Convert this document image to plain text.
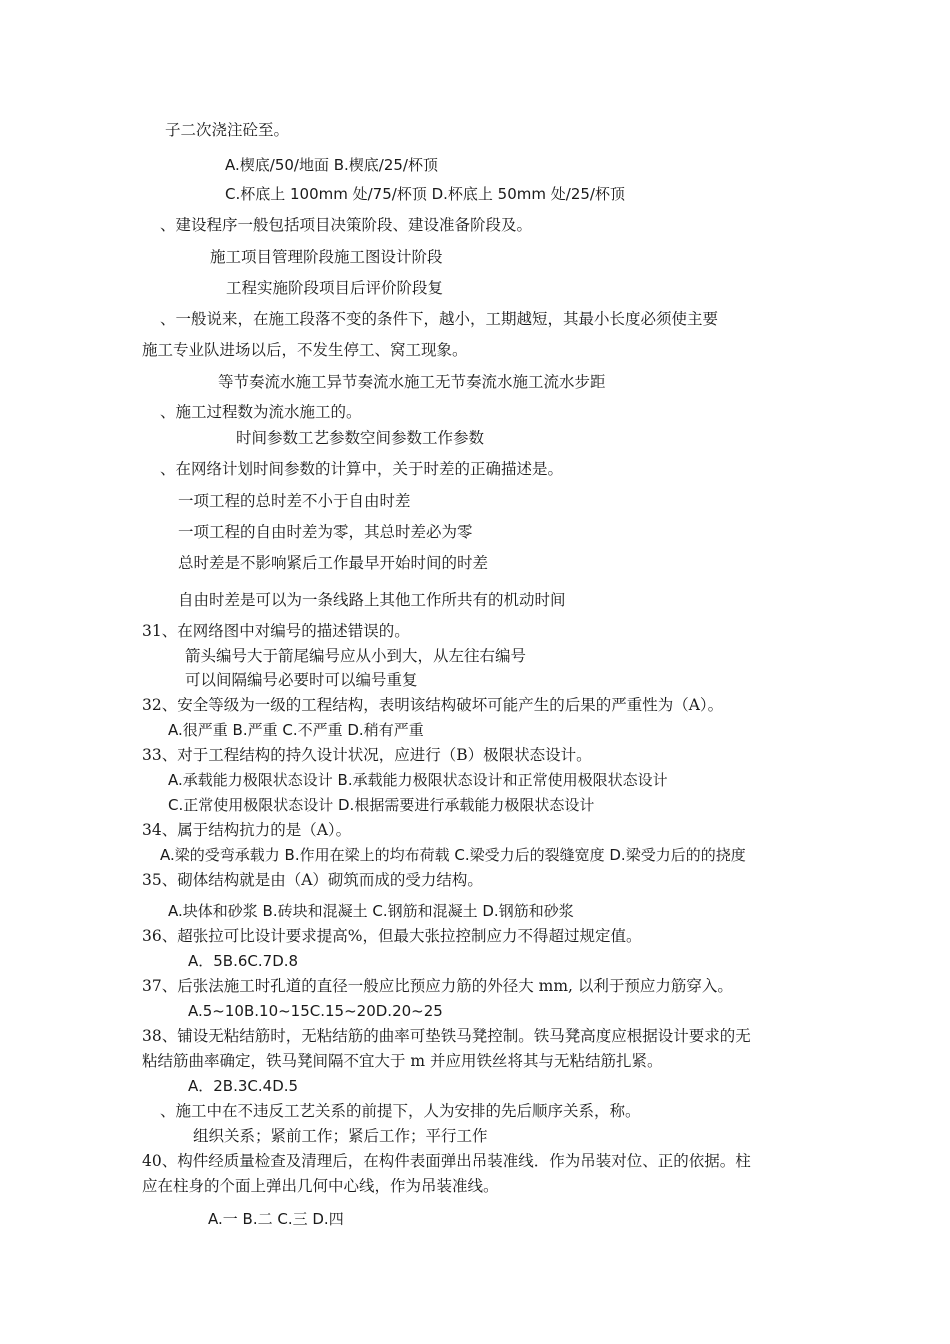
子二次浇注砼至。
A.楔底/50/地面 B.楔底/25/杯顶
C.杯底上 100mm 处/75/杯顶 D.杯底上 50mm 处/25/杯顶
、建设程序一般包括项目决策阶段、建设准备阶段及。
施工项目管理阶段施工图设计阶段
工程实施阶段项目后评价阶段复
、一般说来，在施工段落不变的条件下，越小，工期越短，其最小长度必须使主要
施工专业队进场以后，不发生停工、窝工现象。
等节奏流水施工异节奏流水施工无节奏流水施工流水步距
、施工过程数为流水施工的。
时间参数工艺参数空间参数工作参数
、在网络计划时间参数的计算中，关于时差的正确描述是。
一项工程的总时差不小于自由时差
一项工程的自由时差为零，其总时差必为零
总时差是不影响紧后工作最早开始时间的时差
自由时差是可以为一条线路上其他工作所共有的机动时间
31、在网络图中对编号的描述错误的。
箭头编号大于箭尾编号应从小到大，从左往右编号
可以间隔编号必要时可以编号重复
32、安全等级为一级的工程结构，表明该结构破坏可能产生的后果的严重性为（A）。
A.很严重 B.严重 C.不严重 D.稍有严重
33、对于工程结构的持久设计状况，应进行（B）极限状态设计。
A.承载能力极限状态设计 B.承载能力极限状态设计和正常使用极限状态设计
C.正常使用极限状态设计 D.根据需要进行承载能力极限状态设计
34、属于结构抗力的是（A）。
A.梁的受弯承载力 B.作用在梁上的均布荷载 C.梁受力后的裂缝宽度 D.梁受力后的的挠度
35、砌体结构就是由（A）砌筑而成的受力结构。
A.块体和砂浆 B.砖块和混凝土 C.钢筋和混凝土 D.钢筋和砂浆
36、超张拉可比设计要求提高%，但最大张拉控制应力不得超过规定值。
A．5B.6C.7D.8
37、后张法施工时孔道的直径一般应比预应力筋的外径大 mm, 以利于预应力筋穿入。
A.5~10B.10~15C.15~20D.20~25
38、铺设无粘结筋时，无粘结筋的曲率可垫铁马凳控制。铁马凳高度应根据设计要求的无
粘结筋曲率确定，铁马凳间隔不宜大于 m 并应用铁丝将其与无粘结筋扎紧。
A．2B.3C.4D.5
、施工中在不违反工艺关系的前提下，人为安排的先后顺序关系，称。
组织关系；紧前工作；紧后工作；平行工作
40、构件经质量检查及清理后，在构件表面弹出吊装准线．作为吊装对位、正的依据。柱
应在柱身的个面上弹出几何中心线，作为吊装准线。
A.一 B.二 C.三 D.四
